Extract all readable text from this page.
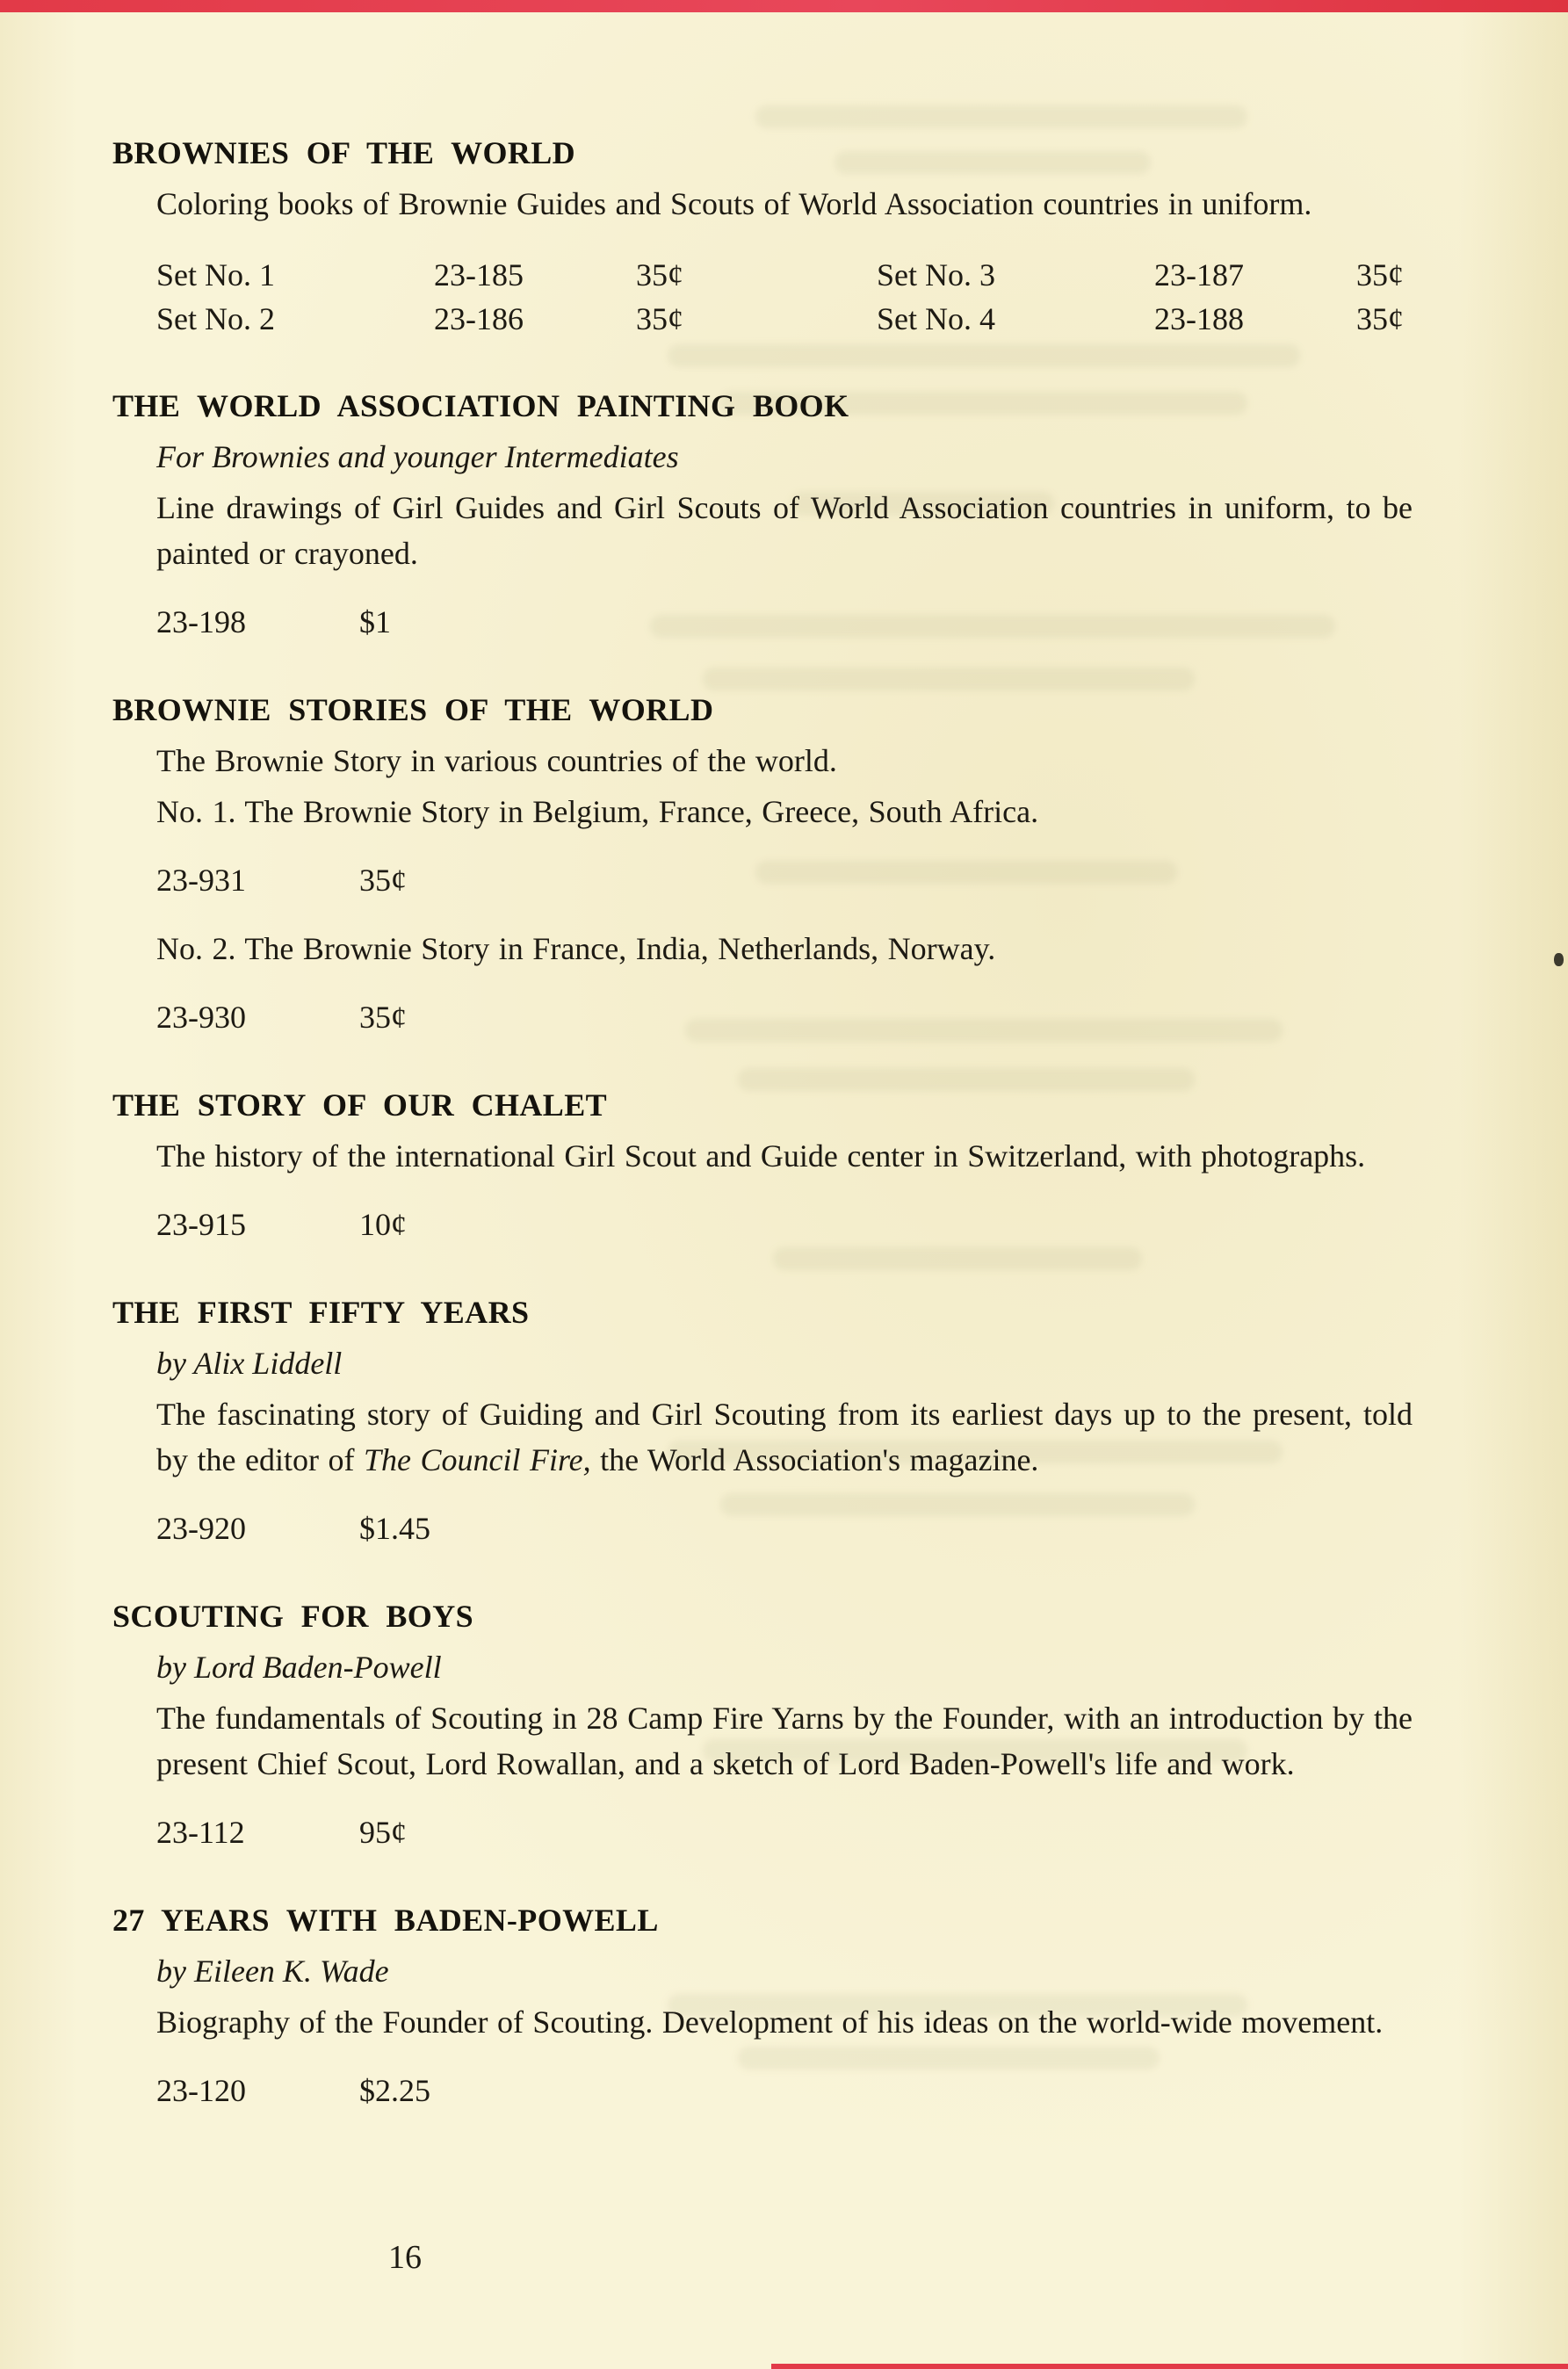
BROWNIES OF THE WORLD

Coloring books of Brownie Guides and Scouts of World Association countries in uniform.

Set No. 1	23-185	35¢	Set No. 3	23-187	35¢
Set No. 2	23-186	35¢	Set No. 4	23-188	35¢
THE WORLD ASSOCIATION PAINTING BOOK

For Brownies and younger Intermediates

Line drawings of Girl Guides and Girl Scouts of World Association countries in uniform, to be painted or crayoned.

23-198	$1

BROWNIE STORIES OF THE WORLD

The Brownie Story in various countries of the world.

No. 1. The Brownie Story in Belgium, France, Greece, South Africa.

23-931	35¢

No. 2. The Brownie Story in France, India, Netherlands, Norway.

23-930	35¢

THE STORY OF OUR CHALET

The history of the international Girl Scout and Guide center in Switzerland, with photographs.

23-915	10¢

THE FIRST FIFTY YEARS

by Alix Liddell

The fascinating story of Guiding and Girl Scouting from its earliest days up to the present, told by the editor of The Council Fire, the World Association's magazine.

23-920	$1.45

SCOUTING FOR BOYS

by Lord Baden-Powell

The fundamentals of Scouting in 28 Camp Fire Yarns by the Founder, with an introduction by the present Chief Scout, Lord Rowallan, and a sketch of Lord Baden-Powell's life and work.

23-112	95¢

27 YEARS WITH BADEN-POWELL

by Eileen K. Wade

Biography of the Founder of Scouting. Development of his ideas on the world-wide movement.

23-120	$2.25

16
